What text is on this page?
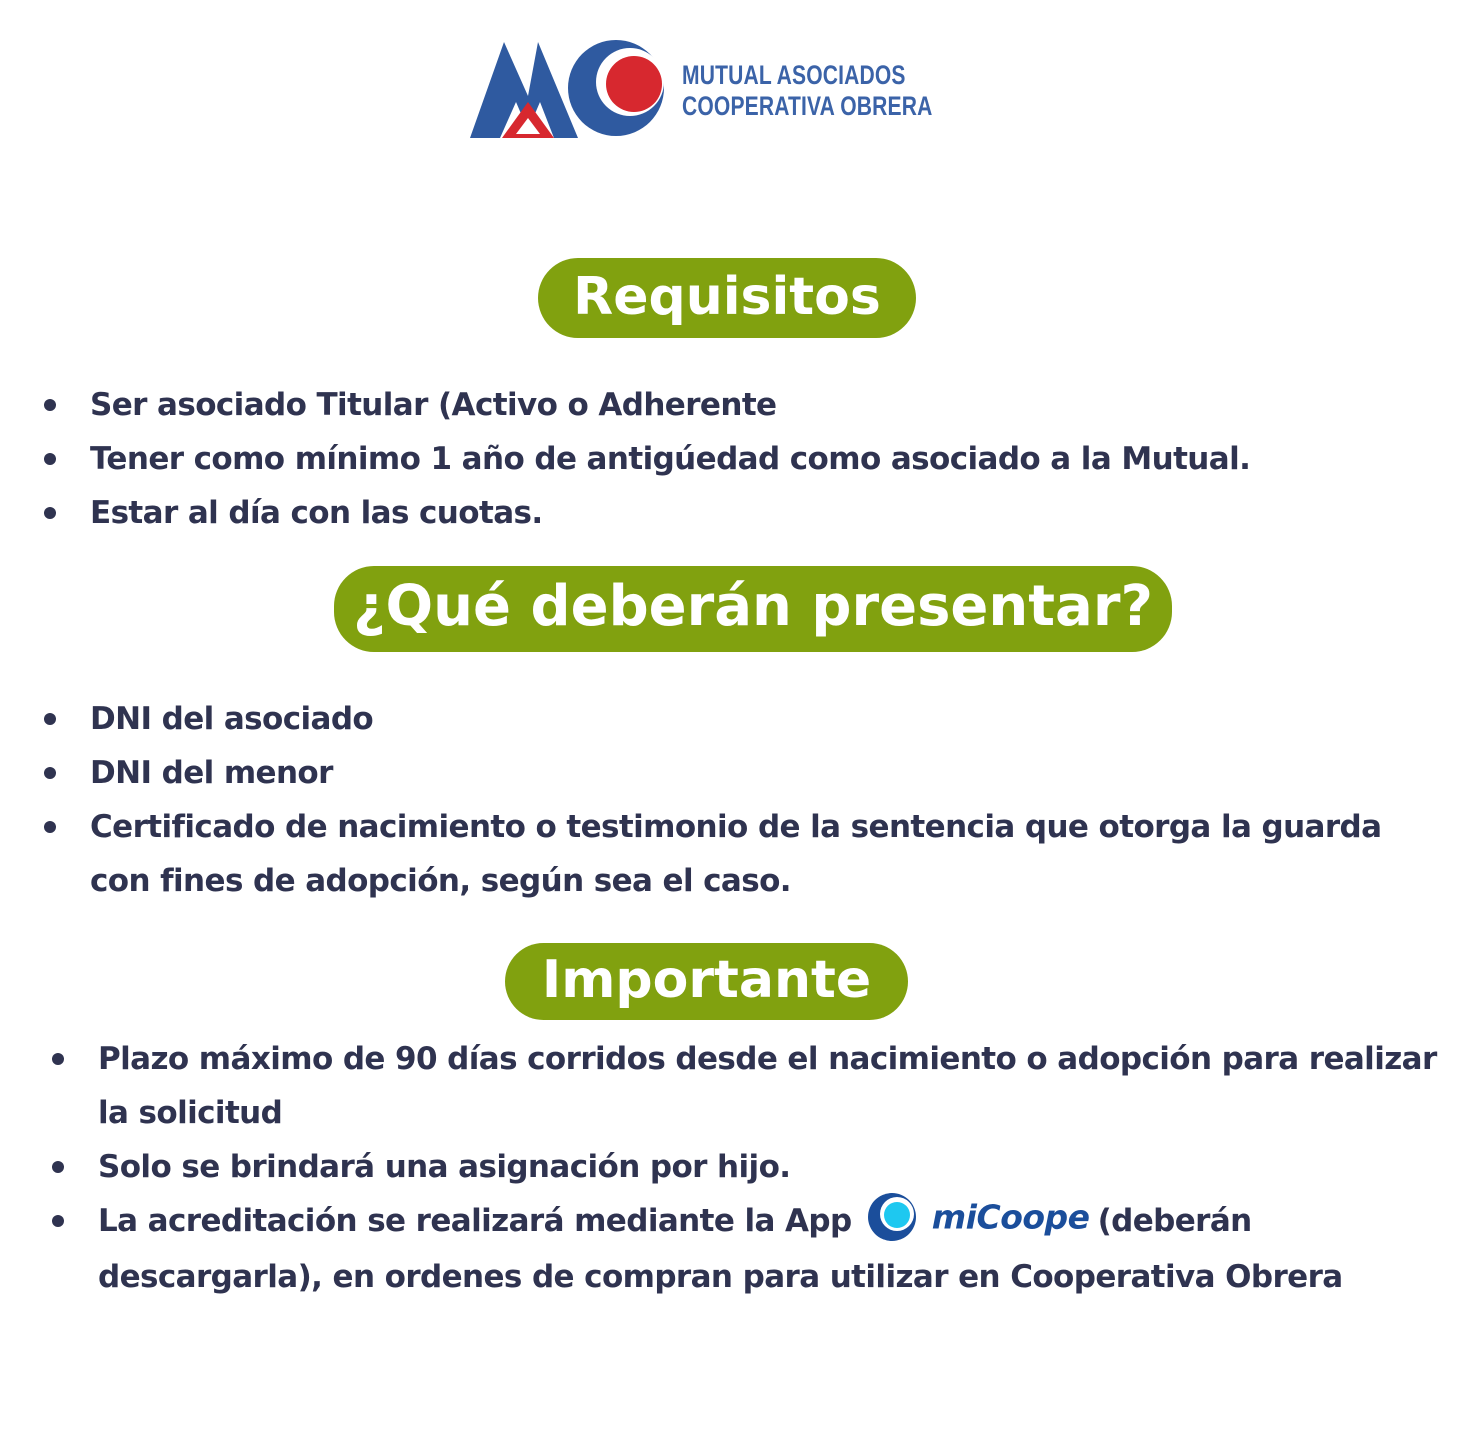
MUTUAL ASOCIADOS
COOPERATIVA OBRERA
Requisitos
Ser asociado Titular (Activo o Adherente
Tener como mínimo 1 año de antigúedad como asociado a la Mutual.
Estar al día con las cuotas.
¿Qué deberán presentar?
DNI del asociado
DNI del menor
Certificado de nacimiento o testimonio de la sentencia que otorga la guarda con fines de adopción, según sea el caso.
Importante
Plazo máximo de 90 días corridos desde el nacimiento o adopción para realizar la solicitud
Solo se brindará una asignación por hijo.
La acreditación se realizará mediante la App miCoope (deberán descargarla), en ordenes de compran para utilizar en Cooperativa Obrera
